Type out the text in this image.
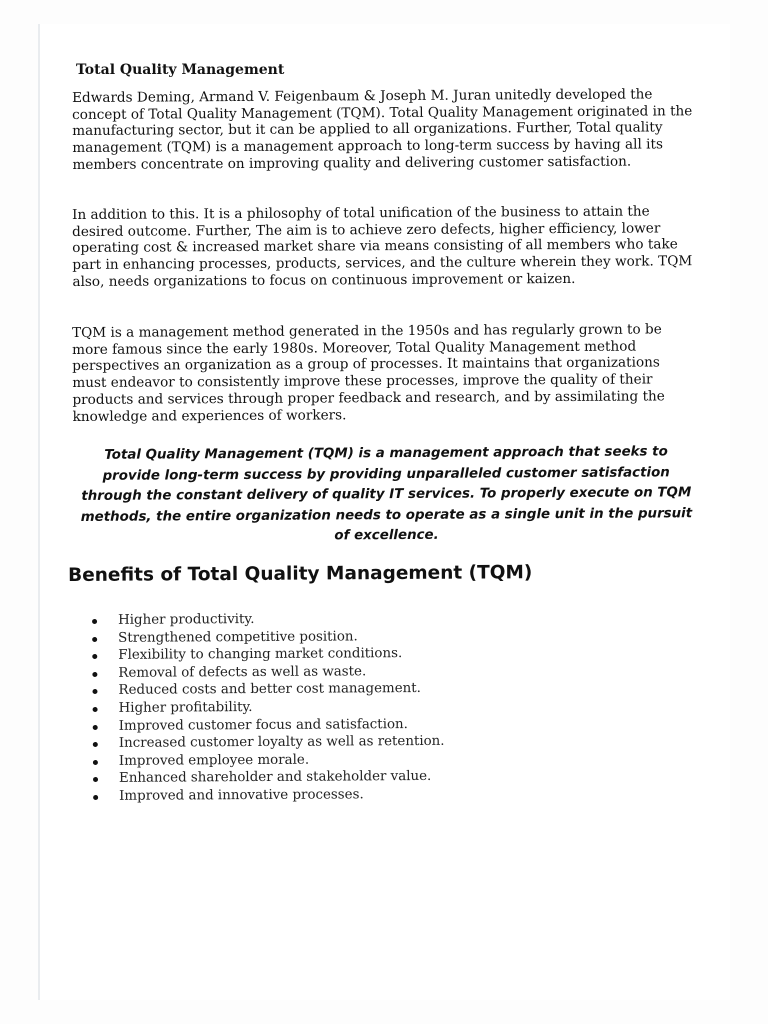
Total Quality Management
Edwards Deming, Armand V. Feigenbaum & Joseph M. Juran unitedly developed the concept of Total Quality Management (TQM). Total Quality Management originated in the manufacturing sector, but it can be applied to all organizations. Further, Total quality management (TQM) is a management approach to long-term success by having all its members concentrate on improving quality and delivering customer satisfaction.
In addition to this. It is a philosophy of total unification of the business to attain the desired outcome. Further, The aim is to achieve zero defects, higher efficiency, lower operating cost & increased market share via means consisting of all members who take part in enhancing processes, products, services, and the culture wherein they work. TQM also, needs organizations to focus on continuous improvement or kaizen.
TQM is a management method generated in the 1950s and has regularly grown to be more famous since the early 1980s. Moreover, Total Quality Management method perspectives an organization as a group of processes. It maintains that organizations must endeavor to consistently improve these processes, improve the quality of their products and services through proper feedback and research, and by assimilating the knowledge and experiences of workers.
Total Quality Management (TQM) is a management approach that seeks to provide long-term success by providing unparalleled customer satisfaction through the constant delivery of quality IT services. To properly execute on TQM methods, the entire organization needs to operate as a single unit in the pursuit of excellence.
Benefits of Total Quality Management (TQM)
Higher productivity.
Strengthened competitive position.
Flexibility to changing market conditions.
Removal of defects as well as waste.
Reduced costs and better cost management.
Higher profitability.
Improved customer focus and satisfaction.
Increased customer loyalty as well as retention.
Improved employee morale.
Enhanced shareholder and stakeholder value.
Improved and innovative processes.
